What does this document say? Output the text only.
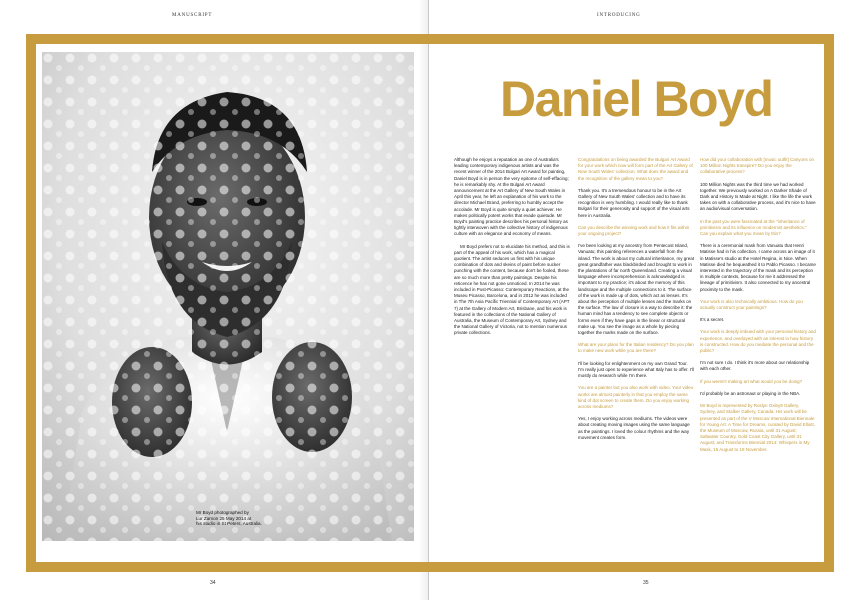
MANUSCRIPT	INTRODUCING
Mr Boyd photographed by
Lur Zamon 25 May 2014 at
his studio in St Peters, Australia.
Daniel Boyd

Although he enjoys a reputation as one of Australia's leading contemporary indigenous artists and was the recent winner of the 2014 Bulgari Art Award for painting, Daniel Boyd is in person the very epitome of self-effacing; he is remarkably shy. At the Bulgari Art Award announcement at the Art Gallery of New South Wales in April this year, he left an explanation of his work to the director Michael Brand, preferring to humbly accept the accolade. Mr Boyd is quite simply a quiet achiever. He makes politically potent works that evade quietude. Mr Boyd's painting practice describes his personal history as tightly interwoven with the collective history of indigenous culture with an elegance and economy of means.

Mr Boyd prefers not to elucidate his method, and this is part of the appeal of his work, which has a magical quotient. The artist seduces us first with his unique combination of dots and skeins of paint before sucker punching with the content, because don't be fooled, these are so much more than pretty paintings. Despite his reticence he has not gone unnoticed. In 2014 he was included in Post-Picasso: Contemporary Reactions, at the Museu Picasso, Barcelona, and in 2012 he was included in The 7th Asia Pacific Triennial of Contemporary Art (APT 7) at the Gallery of Modern Art, Brisbane, and his work is featured in the collections of the National Gallery of Australia, the Museum of Contemporary Art, Sydney and the National Gallery of Victoria, not to mention numerous private collections.

Congratulations on being awarded the Bulgari Art Award for your work which now will form part of the Art Gallery of New South Wales' collection. What does the award and the recognition of the gallery mean to you?

Thank you. It's a tremendous honour to be in the Art Gallery of New South Wales' collection and to have its recognition is very humbling. I would really like to thank Bulgari for their generosity and support of the visual arts here in Australia.

Can you describe the winning work and how it fits within your ongoing project?

I've been looking at my ancestry from Pentecost Island, Vanuatu; this painting references a waterfall from the island. The work is about my cultural inheritance, my great great grandfather was blackbirded and brought to work in the plantations of far north Queensland. Creating a visual language where incomprehension is acknowledged is important to my practice; it's about the memory of this landscape and the multiple connections to it. The surface of the work is made up of dots, which act as lenses. It's about the perception of multiple lenses and the marks on the surface. The law of closure is a way to describe it: the human mind has a tendency to see complete objects or forms even if they have gaps in the linear or structural make up. You see the image as a whole by piecing together the marks made on the surface.

What are your plans for the Italian residency? Do you plan to make new work while you are there?

I'll be looking for enlightenment on my own Grand Tour. I'm really just open to experience what Italy has to offer. I'll mostly do research while I'm there.

You are a painter but you also work with video. Your video works are almost painterly in that you employ the same kind of dot screen to create them. Do you enjoy working across mediums?

Yes, I enjoy working across mediums. The videos were about creating moving images using the same language as the paintings. I loved the colour rhythms and the way movement creates form.

How did your collaboration with [music outfit] Canyons on 100 Million Nights transpire? Do you enjoy the collaborative process?

100 Million Nights was the third time we had worked together. We previously worked on A Darker Shade of Dark and History Is Made at Night. I like the life the work takes on with a collaborative process, and it's nice to have an audio/visual conversation.

In the past you were fascinated at the "inheritance of primitivism and its influence on modernist aesthetics." Can you explain what you mean by this?

There is a ceremonial mask from Vanuatu that Henri Matisse had in his collection. I came across an image of it in Matisse's studio at the Hotel Regina, in Nice. When Matisse died he bequeathed it to Pablo Picasso. I became interested in the trajectory of the mask and its perception in multiple contexts, because for me it addressed the lineage of primitivism. It also connected to my ancestral proximity to the mask.

Your work is also technically ambitious. How do you actually construct your paintings?

It's a secret.

Your work is deeply imbued with your personal history and experience, and overlayed with an interest in how history is constructed. How do you mediate the personal and the public?

I'm not sure I do. I think it's more about our relationship with each other.

If you weren't making art what would you be doing?

I'd probably be an astronaut or playing in the NBA.

Mr Boyd is represented by Roslyn Oxley9 Gallery, Sydney, and Stalker Gallery, Canada. His work will be presented as part of the V Moscow International Biennale for Young Art: A Time for Dreams, curated by David Elliott, the Museum of Moscow, Russia, until 31 August; Saltwater Country, Gold Coast City Gallery, until 31 August; and Transforms Biennial 2014: Whispers in My Mask, 15 August to 19 November.

34	35
